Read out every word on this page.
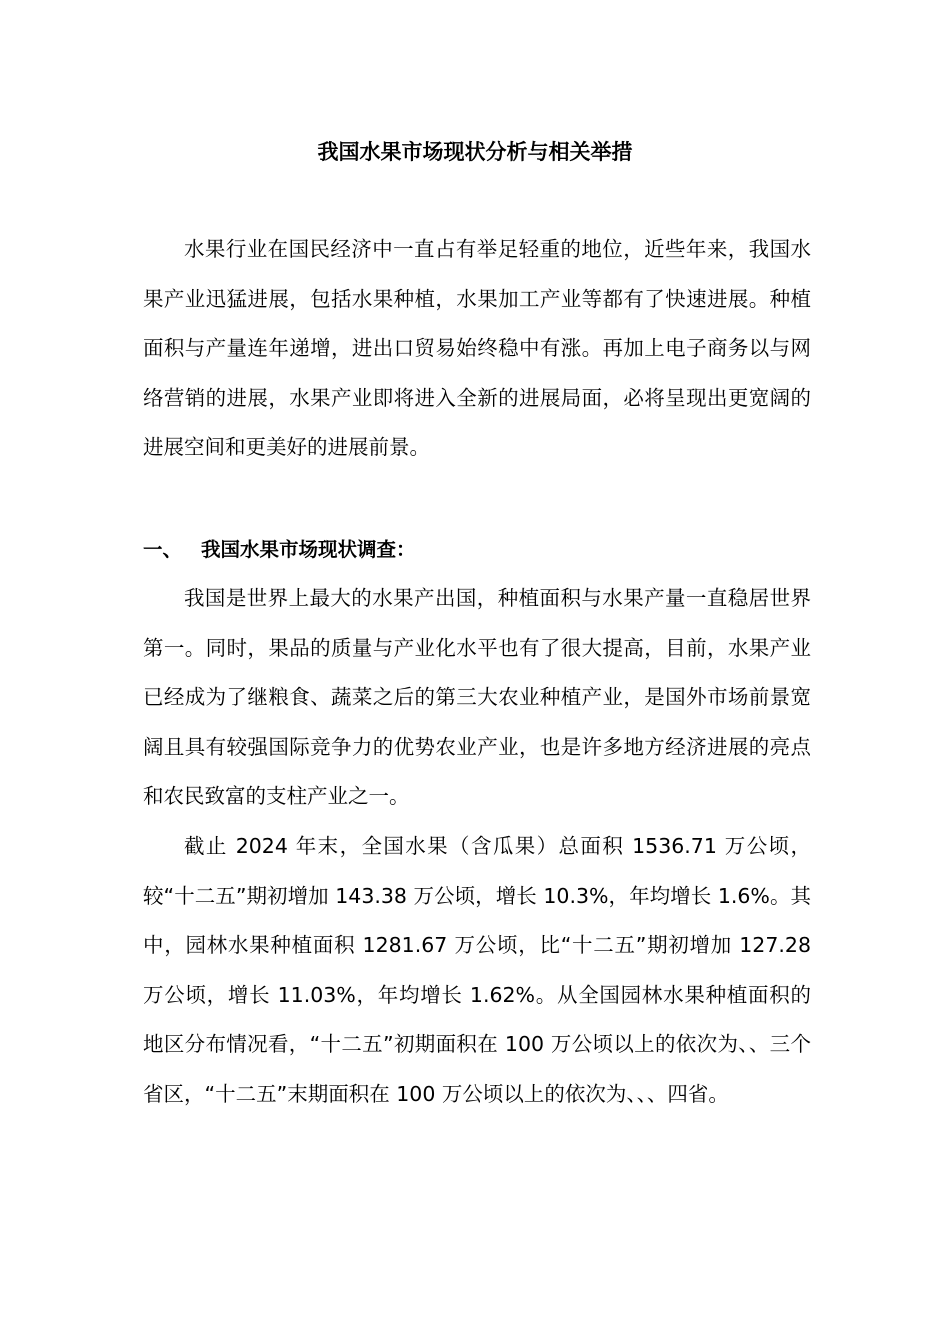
我国水果市场现状分析与相关举措

水果行业在国民经济中一直占有举足轻重的地位，近些年来，我国水果产业迅猛进展，包括水果种植，水果加工产业等都有了快速进展。种植面积与产量连年递增，进出口贸易始终稳中有涨。再加上电子商务以与网络营销的进展，水果产业即将进入全新的进展局面，必将呈现出更宽阔的进展空间和更美好的进展前景。

一、 我国水果市场现状调查：

我国是世界上最大的水果产出国，种植面积与水果产量一直稳居世界第一。同时，果品的质量与产业化水平也有了很大提高，目前，水果产业已经成为了继粮食、蔬菜之后的第三大农业种植产业，是国外市场前景宽阔且具有较强国际竞争力的优势农业产业，也是许多地方经济进展的亮点和农民致富的支柱产业之一。

截止 2024 年末，全国水果（含瓜果）总面积 1536.71 万公顷，较“十二五”期初增加 143.38 万公顷，增长 10.3%，年均增长 1.6%。其中，园林水果种植面积 1281.67 万公顷，比“十二五”期初增加 127.28 万公顷，增长 11.03%，年均增长 1.62%。从全国园林水果种植面积的地区分布情况看，“十二五”初期面积在 100 万公顷以上的依次为、、三个省区，“十二五”末期面积在 100 万公顷以上的依次为、、、四省。
